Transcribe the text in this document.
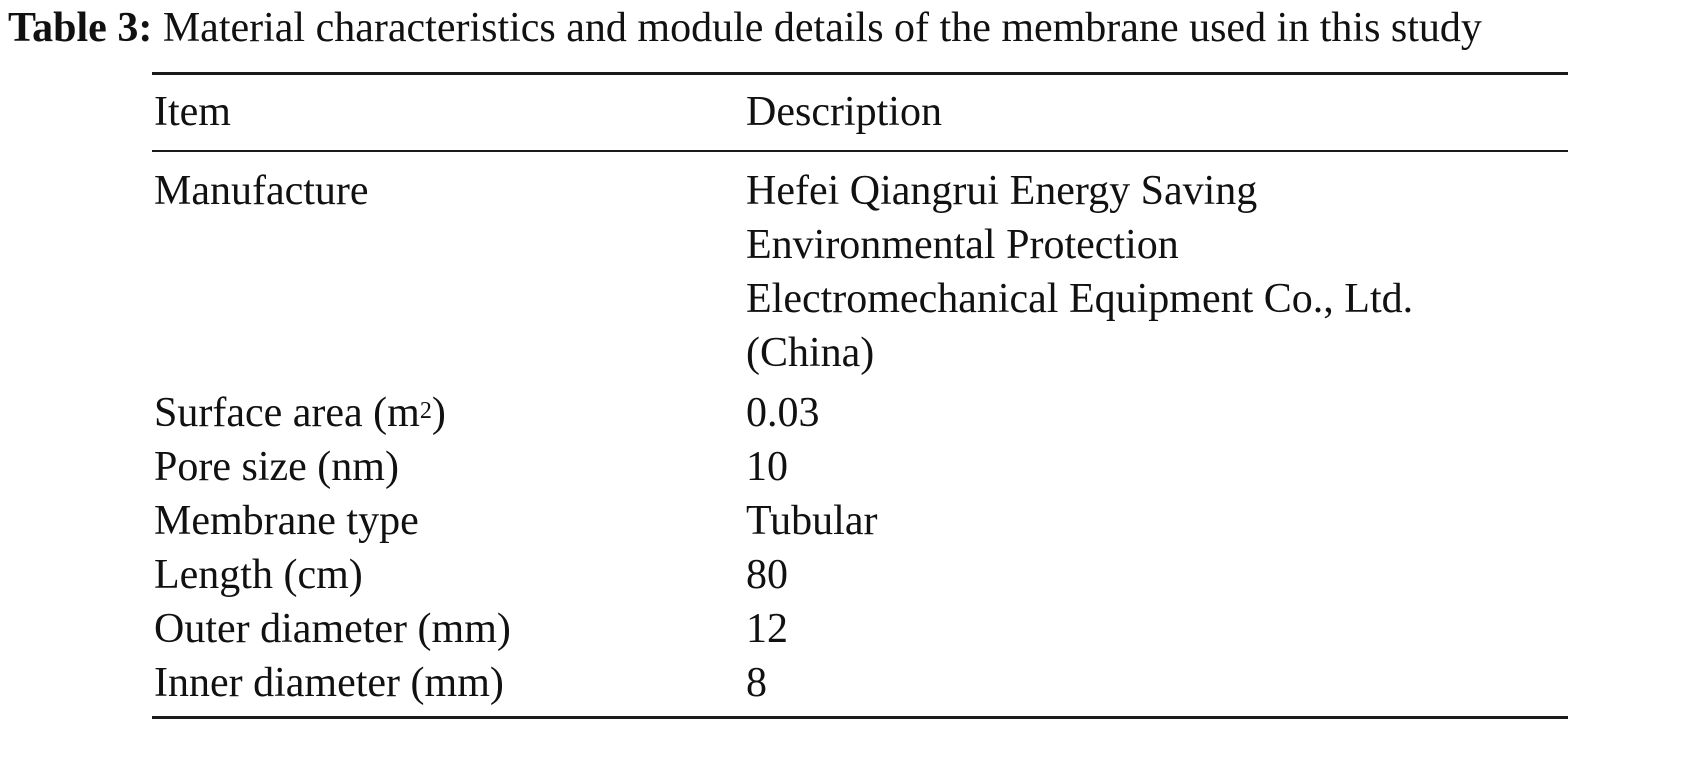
Table 3: Material characteristics and module details of the membrane used in this study
Item	Description
Manufacture	Hefei Qiangrui Energy Saving
Environmental Protection
Electromechanical Equipment Co., Ltd.
(China)
Surface area $(m^2)$	0.03
Pore size (nm)	10
Membrane type	Tubular
Length (cm)	80
Outer diameter (mm)	12
Inner diameter (mm)	8
